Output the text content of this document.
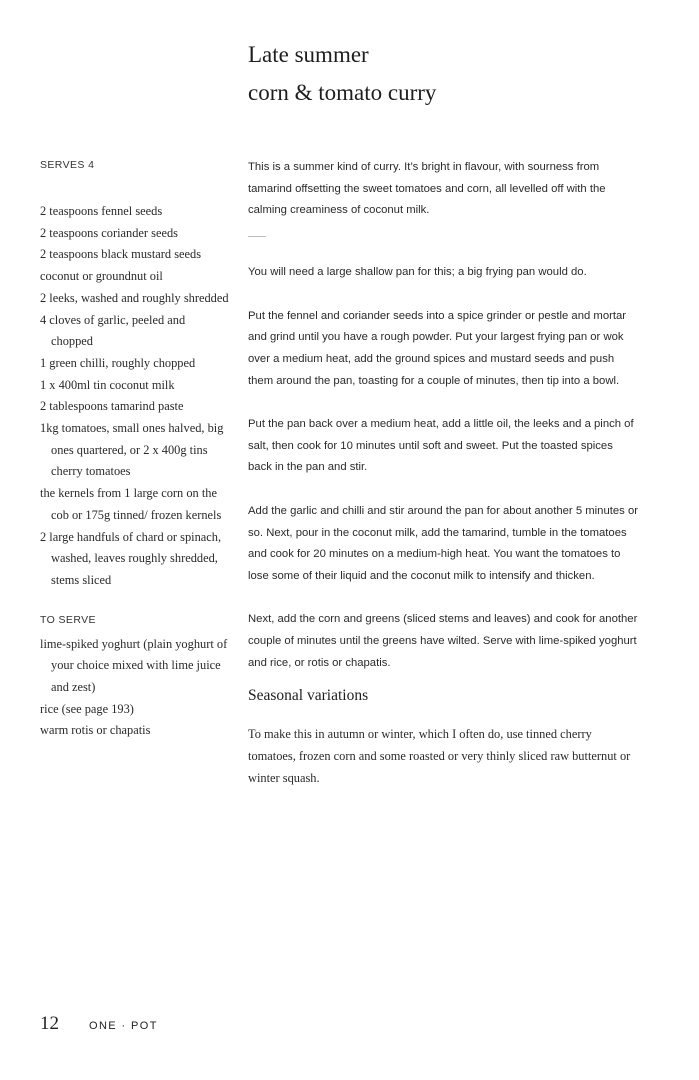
Late summer
corn & tomato curry

SERVES 4

2 teaspoons fennel seeds
2 teaspoons coriander seeds
2 teaspoons black mustard seeds
coconut or groundnut oil
2 leeks, washed and roughly shredded
4 cloves of garlic, peeled and chopped
1 green chilli, roughly chopped
1 x 400ml tin coconut milk
2 tablespoons tamarind paste
1kg tomatoes, small ones halved, big ones quartered, or 2 x 400g tins cherry tomatoes
the kernels from 1 large corn on the cob or 175g tinned/ frozen kernels
2 large handfuls of chard or spinach, washed, leaves roughly shredded, stems sliced

TO SERVE

lime-spiked yoghurt (plain yoghurt of your choice mixed with lime juice and zest)
rice (see page 193)
warm rotis or chapatis

This is a summer kind of curry. It’s bright in flavour, with sourness from tamarind offsetting the sweet tomatoes and corn, all levelled off with the calming creaminess of coconut milk.

You will need a large shallow pan for this; a big frying pan would do.

Put the fennel and coriander seeds into a spice grinder or pestle and mortar and grind until you have a rough powder. Put your largest frying pan or wok over a medium heat, add the ground spices and mustard seeds and push them around the pan, toasting for a couple of minutes, then tip into a bowl.

Put the pan back over a medium heat, add a little oil, the leeks and a pinch of salt, then cook for 10 minutes until soft and sweet. Put the toasted spices back in the pan and stir.

Add the garlic and chilli and stir around the pan for about another 5 minutes or so. Next, pour in the coconut milk, add the tamarind, tumble in the tomatoes and cook for 20 minutes on a medium-high heat. You want the tomatoes to lose some of their liquid and the coconut milk to intensify and thicken.

Next, add the corn and greens (sliced stems and leaves) and cook for another couple of minutes until the greens have wilted. Serve with lime-spiked yoghurt and rice, or rotis or chapatis.

Seasonal variations

To make this in autumn or winter, which I often do, use tinned cherry tomatoes, frozen corn and some roasted or very thinly sliced raw butternut or winter squash.

12	ONE · POT
